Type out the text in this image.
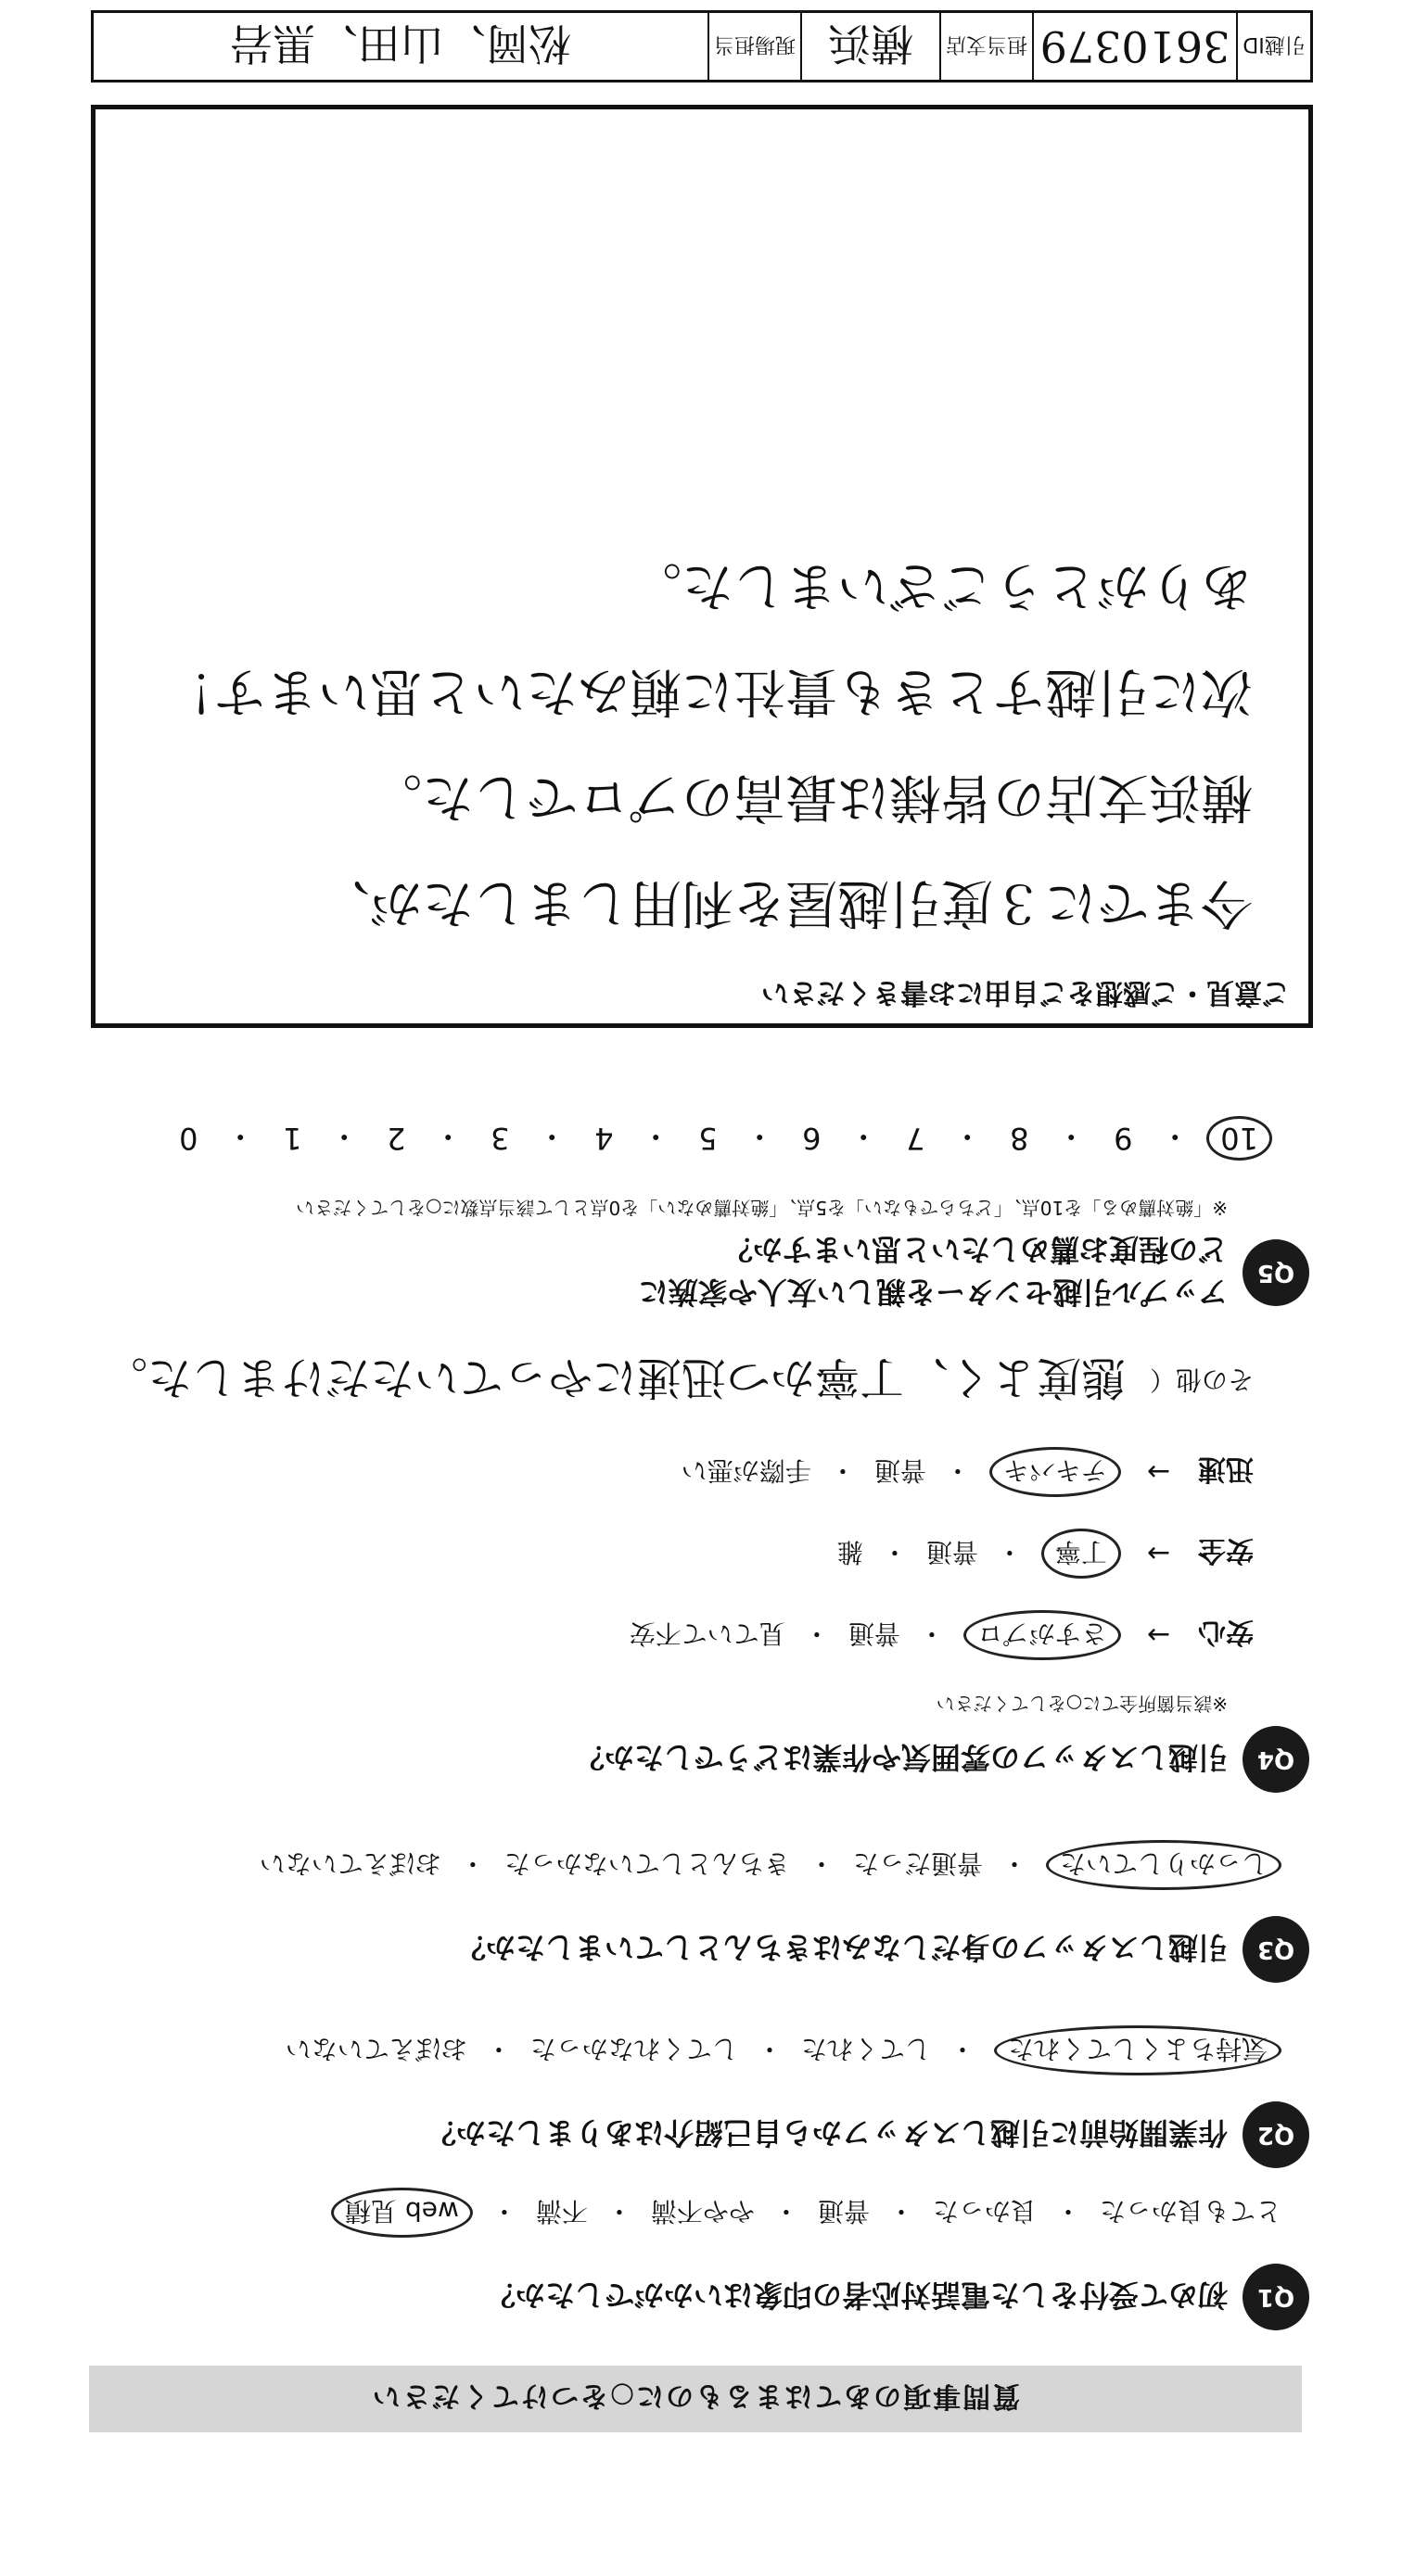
質問事項のあてはまるものに○をつけてください
Q1
初めて受付をした電話対応者の印象はいかがでしたか？
とても良かった
・
良かった
・
普通
・
やや不満
・
不満
・
web 見積
Q2
作業開始前に引越しスタッフから自己紹介はありましたか？
気持ちよくしてくれた
・
してくれた
・
してくれなかった
・
おぼえていない
Q3
引越しスタッフの身だしなみはきちんとしていましたか？
しっかりしていた
・
普通だった
・
きちんとしていなかった
・
おぼえていない
Q4
引越しスタッフの雰囲気や作業はどうでしたか？
※該当箇所全てに○をしてください
安心
→
さすがプロ
・
普通
・
見ていて不安
安全
→
丁寧
・
普通
・
雑
迅速
→
テキパキ
・
普通
・
手際が悪い
その他（
態度よく、丁寧かつ迅速にやっていただけました。
Q5
アップル引越センターを親しい友人や家族に
どの程度お薦めしたいと思いますか？
※「絶対薦める」を10点、「どちらでもない」を5点、「絶対薦めない」を0点として該当点数に○をしてください
10
・
9
・
8
・
7
・
6
・
5
・
4
・
3
・
2
・
1
・
0
ご意見・ご感想をご自由にお書きください
今までに３度引越屋を利用しましたが、
横浜支店の皆様は最高のプロでした。
次に引越すときも貴社に頼みたいと思います！
ありがとうございました。
引越ID
3610379
担当支店
横浜
現場担当
松岡、山田、黒岩
